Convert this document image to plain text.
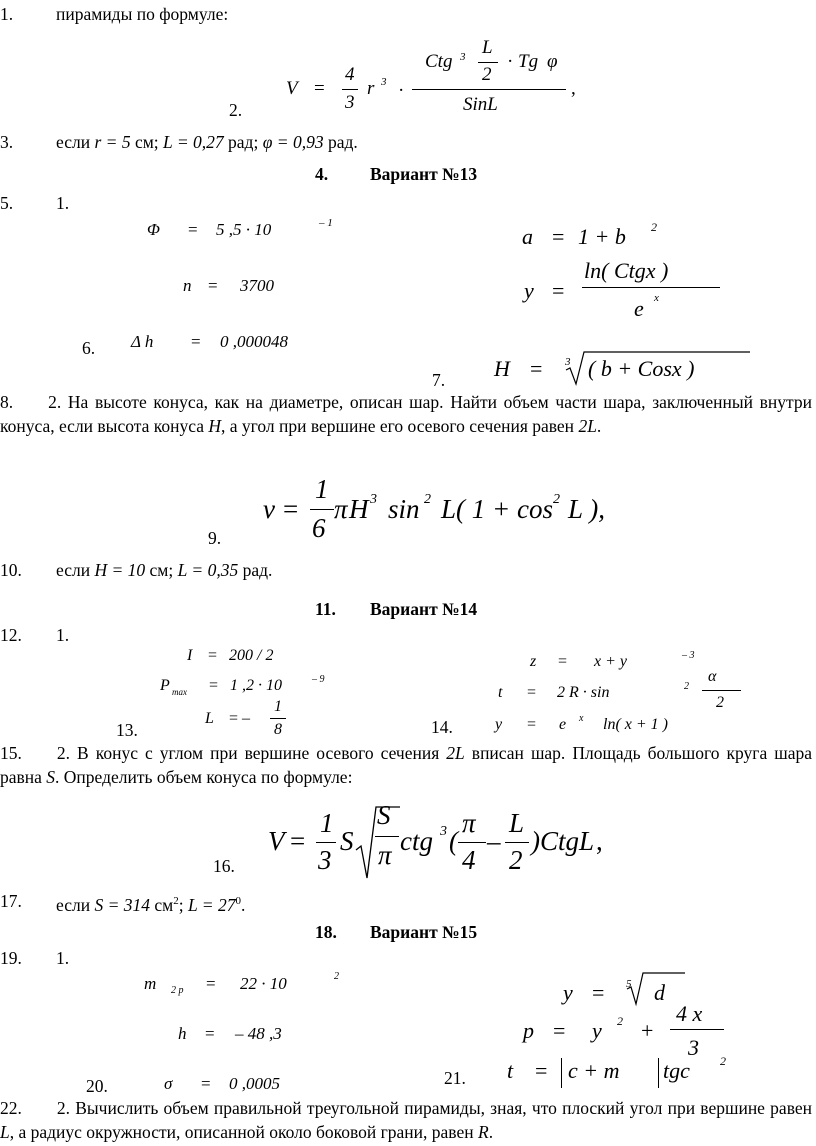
1. пирамиды по формуле:
V =
4
3
r 3 ·
Ctg 3 L
2
· Tg φ
SinL
,
2.
3. если r = 5 см; L = 0,27 рад; φ = 0,93 рад.
4. Вариант №13
5. 1.
Φ = 5 ,5 · 10	– 1
n = 3700
a = 1 + b 2
y =
ln( Ctgx )
e x
Δ h = 0 ,000048
H = 3 ( b + Cosx )
6.
7.
8. 2. На высоте конуса, как на диаметре, описан шар. Найти объем части шара, заключенный внутри конуса, если высота конуса H, а угол при вершине его осевого сечения равен 2L.
v =
1
6
π H 3 sin 2 L( 1 + cos 2 L ),
9.
10. если H = 10 см; L = 0,35 рад.
11. Вариант №14
12. 1.
I = 200 / 2
P max = 1 ,2 · 10	– 9
L = –
1
8
z = x + y	– 3
t = 2 R · sin	2
α
2
y = e x ln( x + 1 )
13.	14.
15. 2. В конус с углом при вершине осевого сечения 2L вписан шар. Площадь большого круга шара равна S. Определить объем конуса по формуле:
V =
1
3
S
S
π ctg 3 (
π
4
–
L
2
)CtgL ,
16.
17. если S = 314 $см^2$; $L = 27^0$.
18. Вариант №15
19. 1.
m 2 p = 22 · 10	2
h = – 48 ,3
σ = 0 ,0005
y = 5 d
p = y 2 +
4 x
3
t = c + m tgc	2
20.	21.
22. 2. Вычислить объем правильной треугольной пирамиды, зная, что плоский угол при вершине равен L, а радиус окружности, описанной около боковой грани, равен R.
